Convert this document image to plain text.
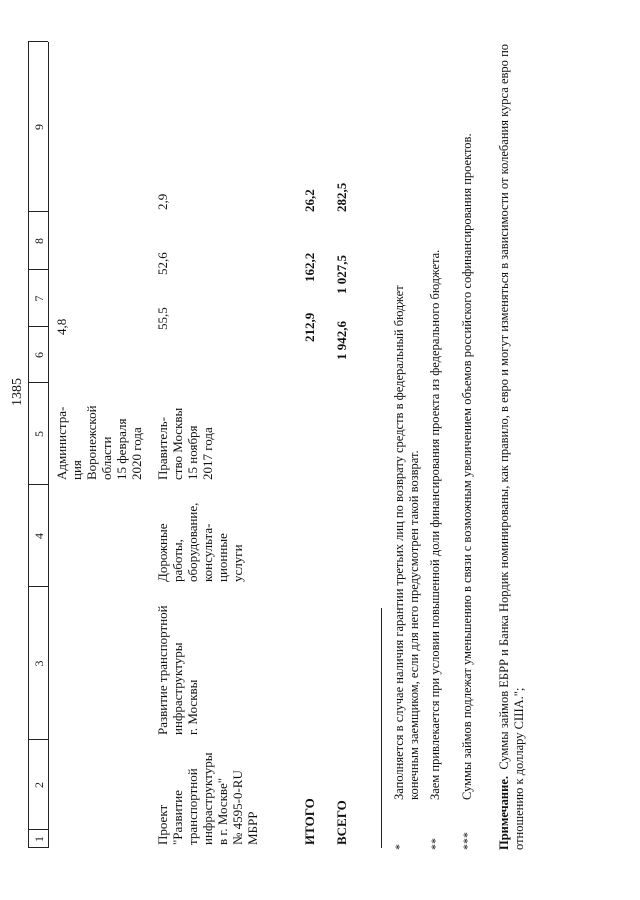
1385
1
2
3
4
5
6
7
8
9
Администра-
ция
Воронежской
области
15 февраля
2020 года
4,8
Проект
"Развитие
транспортной
инфраструктуры
в г. Москве"
№ 4595-0-RU
МБРР
Развитие транспортной
инфраструктуры
г. Москвы
Дорожные
работы,
оборудование,
консульта-
ционные
услуги
Правитель-
ство Москвы
15 ноября
2017 года
55,5
52,6
2,9
ИТОГО
212,9
162,2
26,2
ВСЕГО
1 942,6
1 027,5
282,5
*
Заполняется в случае наличия гарантии третьих лиц по возврату средств в федеральный бюджет
конечным заемщиком, если для него предусмотрен такой возврат.
**
Заем привлекается при условии повышенной доли финансирования проекта из федерального бюджета.
***
Суммы займов подлежат уменьшению в связи с возможным увеличением объемов российского софинансирования проектов.
Примечание.  Суммы займов ЕБРР и Банка Нордик номинированы, как правило, в евро и могут изменяться в зависимости от колебания курса евро по отношению к доллару США.";
